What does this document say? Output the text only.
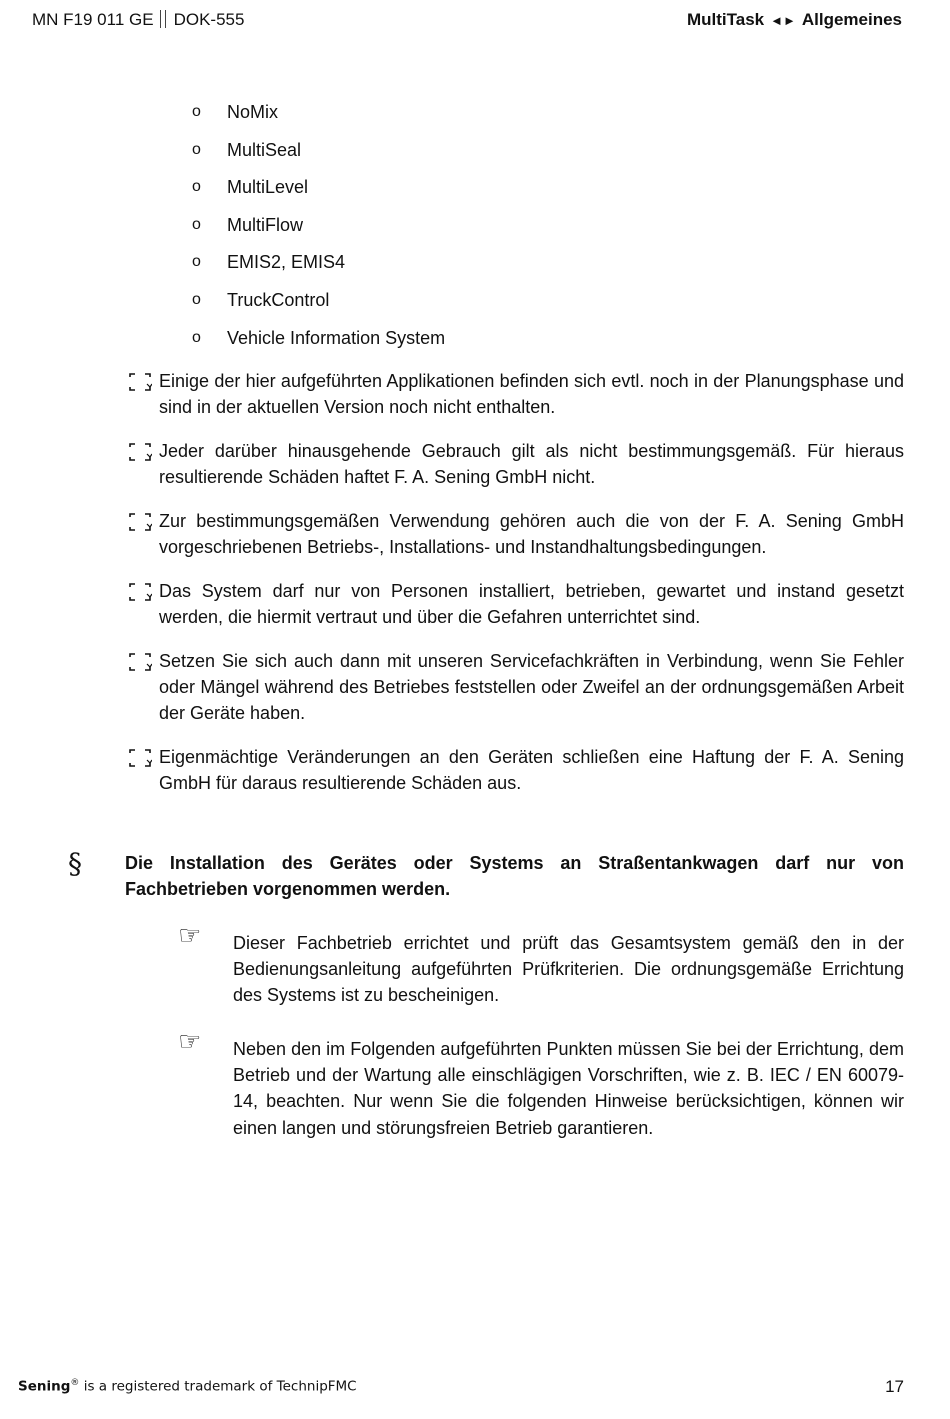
MN F19 011 GE DOK-555	MultiTask ◄► Allgemeines
o	NoMix
o	MultiSeal
o	MultiLevel
o	MultiFlow
o	EMIS2, EMIS4
o	TruckControl
o	Vehicle Information System
Einige der hier aufgeführten Applikationen befinden sich evtl. noch in der Planungsphase und sind in der aktuellen Version noch nicht enthalten.
Jeder darüber hinausgehende Gebrauch gilt als nicht bestimmungsgemäß. Für hieraus resultierende Schäden haftet F. A. Sening GmbH nicht.
Zur bestimmungsgemäßen Verwendung gehören auch die von der F. A. Sening GmbH vorgeschriebenen Betriebs-, Installations- und Instandhaltungsbedingungen.
Das System darf nur von Personen installiert, betrieben, gewartet und instand gesetzt werden, die hiermit vertraut und über die Gefahren unterrichtet sind.
Setzen Sie sich auch dann mit unseren Servicefachkräften in Verbindung, wenn Sie Fehler oder Mängel während des Betriebes feststellen oder Zweifel an der ordnungsgemäßen Arbeit der Geräte haben.
Eigenmächtige Veränderungen an den Geräten schließen eine Haftung der F. A. Sening GmbH für daraus resultierende Schäden aus.
§	Die Installation des Gerätes oder Systems an Straßentankwagen darf nur von Fachbetrieben vorgenommen werden.
☞	Dieser Fachbetrieb errichtet und prüft das Gesamtsystem gemäß den in der Bedienungsanleitung aufgeführten Prüfkriterien. Die ordnungsgemäße Errichtung des Systems ist zu bescheinigen.
☞	Neben den im Folgenden aufgeführten Punkten müssen Sie bei der Errichtung, dem Betrieb und der Wartung alle einschlägigen Vorschriften, wie z. B. IEC / EN 60079-14, beachten. Nur wenn Sie die folgenden Hinweise berücksichtigen, können wir einen langen und störungsfreien Betrieb garantieren.
Sening® is a registered trademark of TechnipFMC	17
